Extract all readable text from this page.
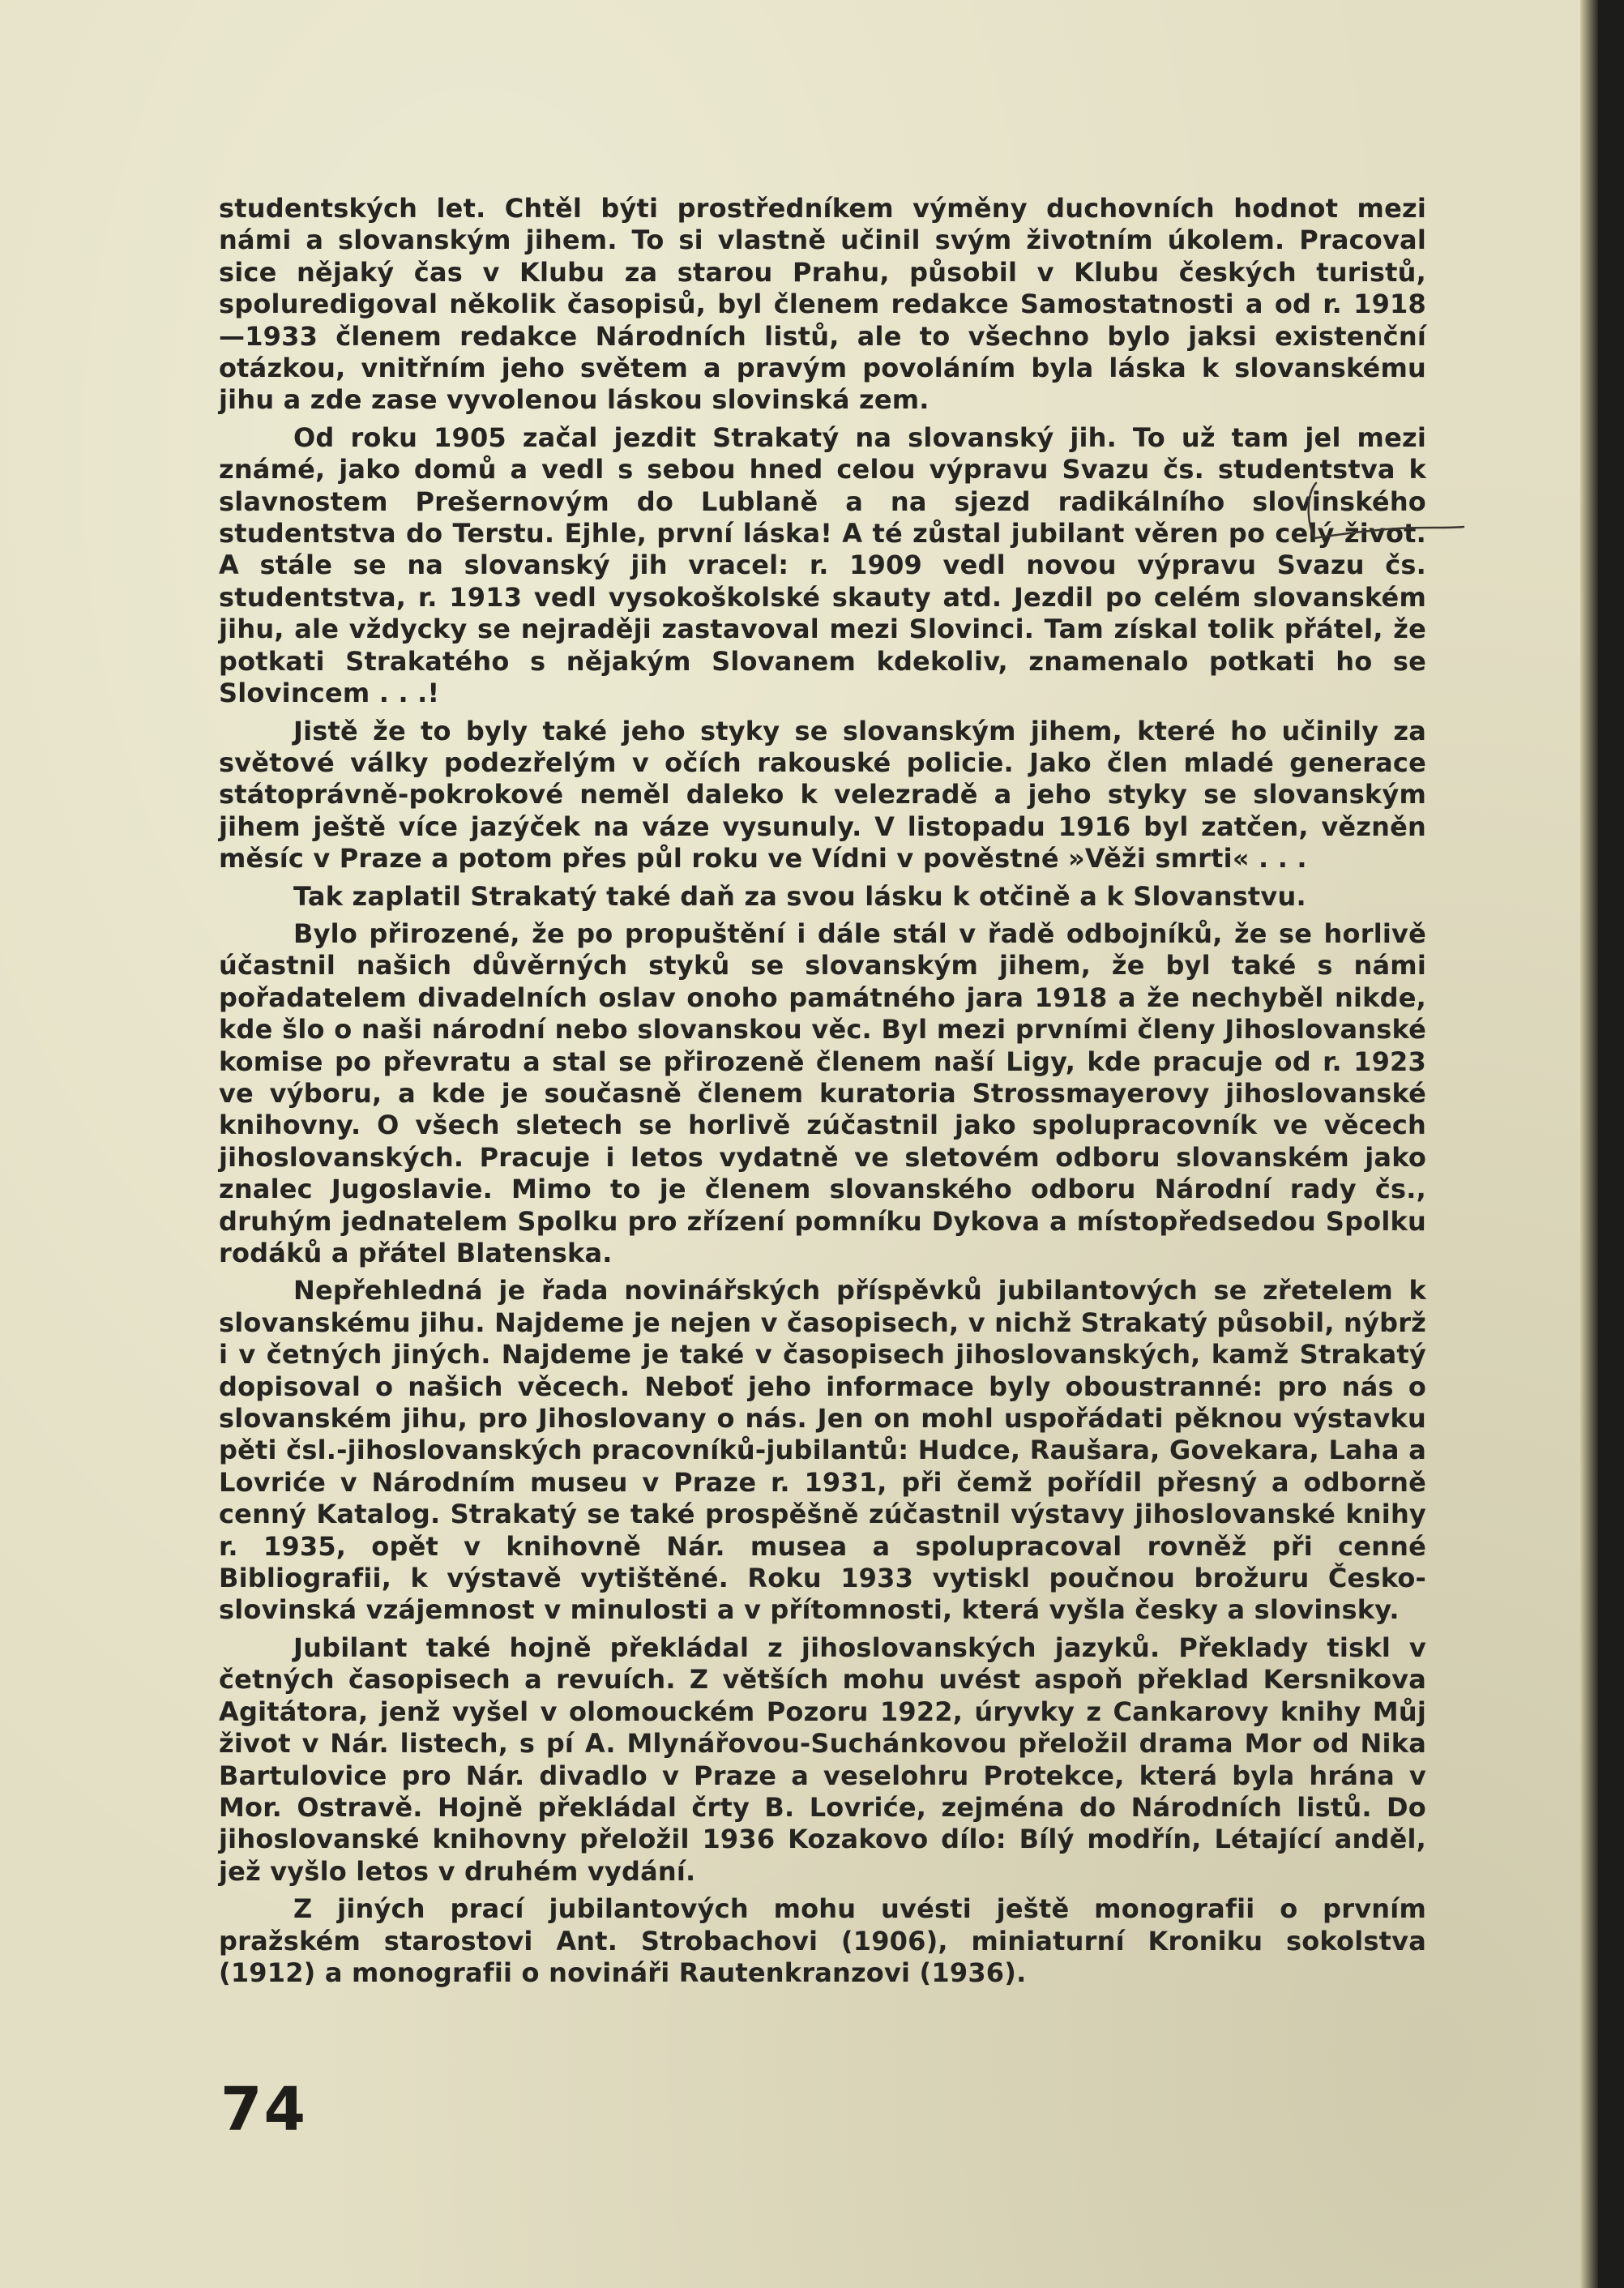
studentských let. Chtěl býti prostředníkem výměny duchovních hodnot mezi námi a slovanským jihem. To si vlastně učinil svým životním úkolem. Pracoval sice nějaký čas v Klubu za starou Prahu, působil v Klubu českých turistů, spoluredigoval několik časopisů, byl členem redakce Samostatnosti a od r. 1918—1933 členem redakce Národních listů, ale to všechno bylo jaksi existenční otázkou, vnitřním jeho světem a pravým povoláním byla láska k slovanskému jihu a zde zase vyvolenou láskou slovinská zem.

Od roku 1905 začal jezdit Strakatý na slovanský jih. To už tam jel mezi známé, jako domů a vedl s sebou hned celou výpravu Svazu čs. studentstva k slavnostem Prešernovým do Lublaně a na sjezd radikálního slovinského studentstva do Terstu. Ejhle, první láska! A té zůstal jubilant věren po celý život. A stále se na slovanský jih vracel: r. 1909 vedl novou výpravu Svazu čs. studentstva, r. 1913 vedl vysokoškolské skauty atd. Jezdil po celém slovanském jihu, ale vždycky se nejraději zastavoval mezi Slovinci. Tam získal tolik přátel, že potkati Strakatého s nějakým Slovanem kdekoliv, znamenalo potkati ho se Slovincem . . .!

Jistě že to byly také jeho styky se slovanským jihem, které ho učinily za světové války podezřelým v očích rakouské policie. Jako člen mladé generace státoprávně-pokrokové neměl daleko k velezradě a jeho styky se slovanským jihem ještě více jazýček na váze vysunuly. V listopadu 1916 byl zatčen, vězněn měsíc v Praze a potom přes půl roku ve Vídni v pověstné »Věži smrti« . . .

Tak zaplatil Strakatý také daň za svou lásku k otčině a k Slovanstvu.

Bylo přirozené, že po propuštění i dále stál v řadě odbojníků, že se horlivě účastnil našich důvěrných styků se slovanským jihem, že byl také s námi pořadatelem divadelních oslav onoho památného jara 1918 a že nechyběl nikde, kde šlo o naši národní nebo slovanskou věc. Byl mezi prvními členy Jihoslovanské komise po převratu a stal se přirozeně členem naší Ligy, kde pracuje od r. 1923 ve výboru, a kde je současně členem kuratoria Strossmayerovy jihoslovanské knihovny. O všech sletech se horlivě zúčastnil jako spolupracovník ve věcech jihoslovanských. Pracuje i letos vydatně ve sletovém odboru slovanském jako znalec Jugoslavie. Mimo to je členem slovanského odboru Národní rady čs., druhým jednatelem Spolku pro zřízení pomníku Dykova a místopředsedou Spolku rodáků a přátel Blatenska.

Nepřehledná je řada novinářských příspěvků jubilantových se zřetelem k slovanskému jihu. Najdeme je nejen v časopisech, v nichž Strakatý působil, nýbrž i v četných jiných. Najdeme je také v časopisech jihoslovanských, kamž Strakatý dopisoval o našich věcech. Neboť jeho informace byly oboustranné: pro nás o slovanském jihu, pro Jihoslovany o nás. Jen on mohl uspořádati pěknou výstavku pěti čsl.-jihoslovanských pracovníků-jubilantů: Hudce, Raušara, Govekara, Laha a Lovriće v Národním museu v Praze r. 1931, při čemž pořídil přesný a odborně cenný Katalog. Strakatý se také prospěšně zúčastnil výstavy jihoslovanské knihy r. 1935, opět v knihovně Nár. musea a spolupracoval rovněž při cenné Bibliografii, k výstavě vytištěné. Roku 1933 vytiskl poučnou brožuru Česko-slovinská vzájemnost v minulosti a v přítomnosti, která vyšla česky a slovinsky.

Jubilant také hojně překládal z jihoslovanských jazyků. Překlady tiskl v četných časopisech a revuích. Z větších mohu uvést aspoň překlad Kersnikova Agitátora, jenž vyšel v olomouckém Pozoru 1922, úryvky z Cankarovy knihy Můj život v Nár. listech, s pí A. Mlynářovou-Suchánkovou přeložil drama Mor od Nika Bartulovice pro Nár. divadlo v Praze a veselohru Protekce, která byla hrána v Mor. Ostravě. Hojně překládal črty B. Lovriće, zejména do Národních listů. Do jihoslovanské knihovny přeložil 1936 Kozakovo dílo: Bílý modřín, Létající anděl, jež vyšlo letos v druhém vydání.

Z jiných prací jubilantových mohu uvésti ještě monografii o prvním pražském starostovi Ant. Strobachovi (1906), miniaturní Kroniku sokolstva (1912) a monografii o novináři Rautenkranzovi (1936).

74
